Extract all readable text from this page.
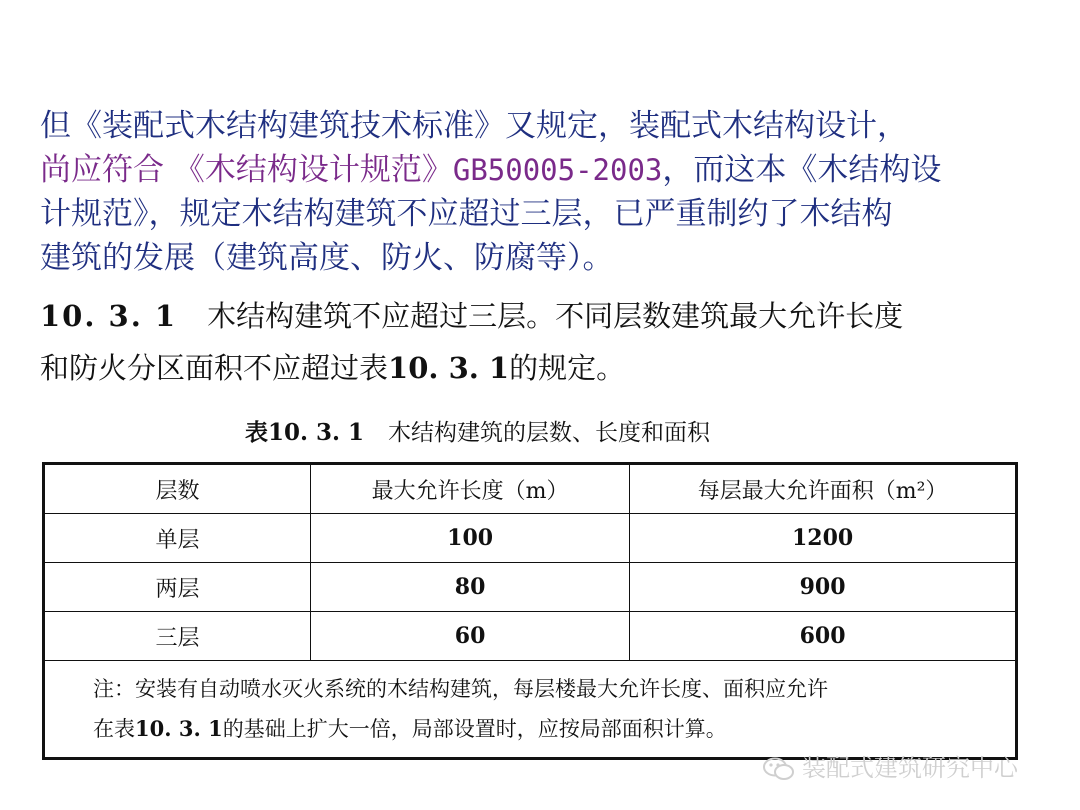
但《装配式木结构建筑技术标准》又规定，装配式木结构设计，
尚应符合 《木结构设计规范》GB50005-2003，而这本《木结构设
计规范》，规定木结构建筑不应超过三层，已严重制约了木结构
建筑的发展（建筑高度、防火、防腐等）。
10. 3. 1 木结构建筑不应超过三层。不同层数建筑最大允许长度
和防火分区面积不应超过表10. 3. 1的规定。
表10. 3. 1 木结构建筑的层数、长度和面积
层数	最大允许长度（m）	每层最大允许面积（m²）
单层	100	1200
两层	80	900
三层	60	600

注：安装有自动喷水灭火系统的木结构建筑，每层楼最大允许长度、面积应允许
在表10. 3. 1的基础上扩大一倍，局部设置时，应按局部面积计算。		
装配式建筑研究中心
